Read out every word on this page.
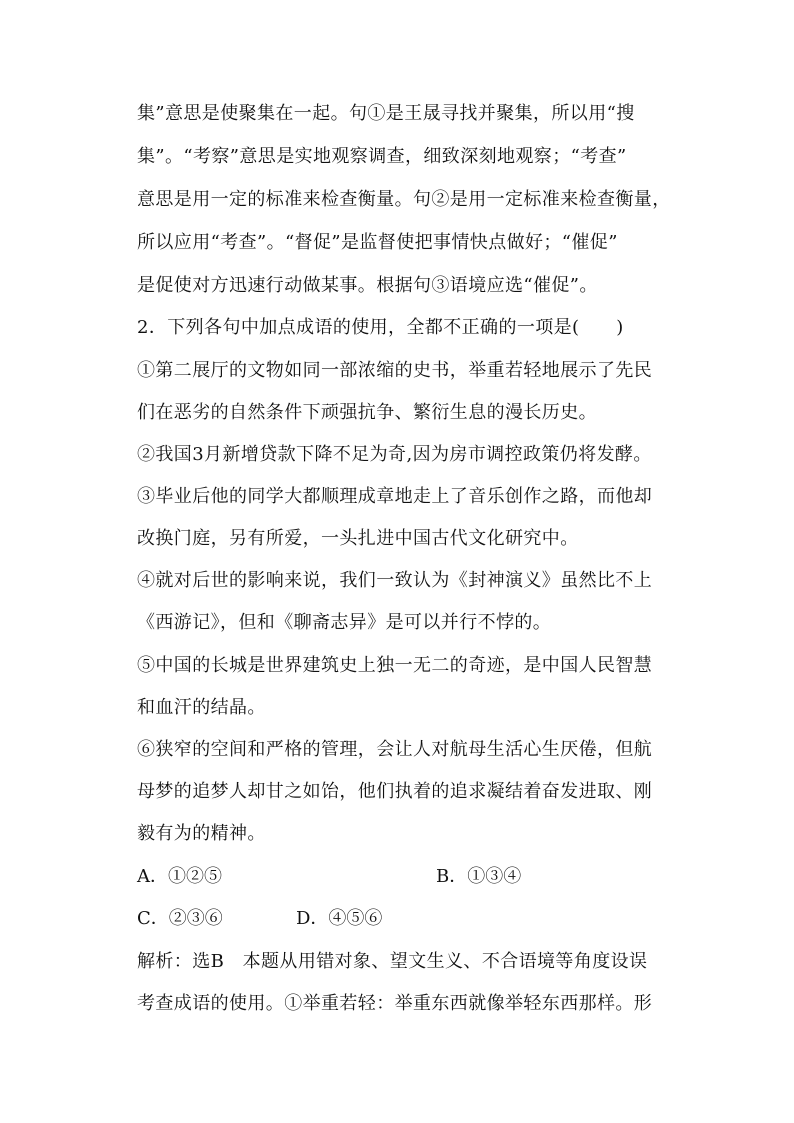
集”意思是使聚集在一起。句①是王晟寻找并聚集，所以用“搜
集”。“考察”意思是实地观察调查，细致深刻地观察；“考查”
意思是用一定的标准来检查衡量。句②是用一定标准来检查衡量，
所以应用“考查”。“督促”是监督使把事情快点做好；“催促”
是促使对方迅速行动做某事。根据句③语境应选“催促”。
2．下列各句中加点成语的使用，全都不正确的一项是(　　)
①第二展厅的文物如同一部浓缩的史书，举重若轻地展示了先民
们在恶劣的自然条件下顽强抗争、繁衍生息的漫长历史。
②我国3月新增贷款下降不足为奇,因为房市调控政策仍将发酵。
③毕业后他的同学大都顺理成章地走上了音乐创作之路，而他却
改换门庭，另有所爱，一头扎进中国古代文化研究中。
④就对后世的影响来说，我们一致认为《封神演义》虽然比不上
《西游记》，但和《聊斋志异》是可以并行不悖的。
⑤中国的长城是世界建筑史上独一无二的奇迹，是中国人民智慧
和血汗的结晶。
⑥狭窄的空间和严格的管理，会让人对航母生活心生厌倦，但航
母梦的追梦人却甘之如饴，他们执着的追求凝结着奋发进取、刚
毅有为的精神。
A．①②⑤	B．①③④
C．②③⑥	D．④⑤⑥
解析：选B　本题从用错对象、望文生义、不合语境等角度设误
考查成语的使用。①举重若轻：举重东西就像举轻东西那样。形
